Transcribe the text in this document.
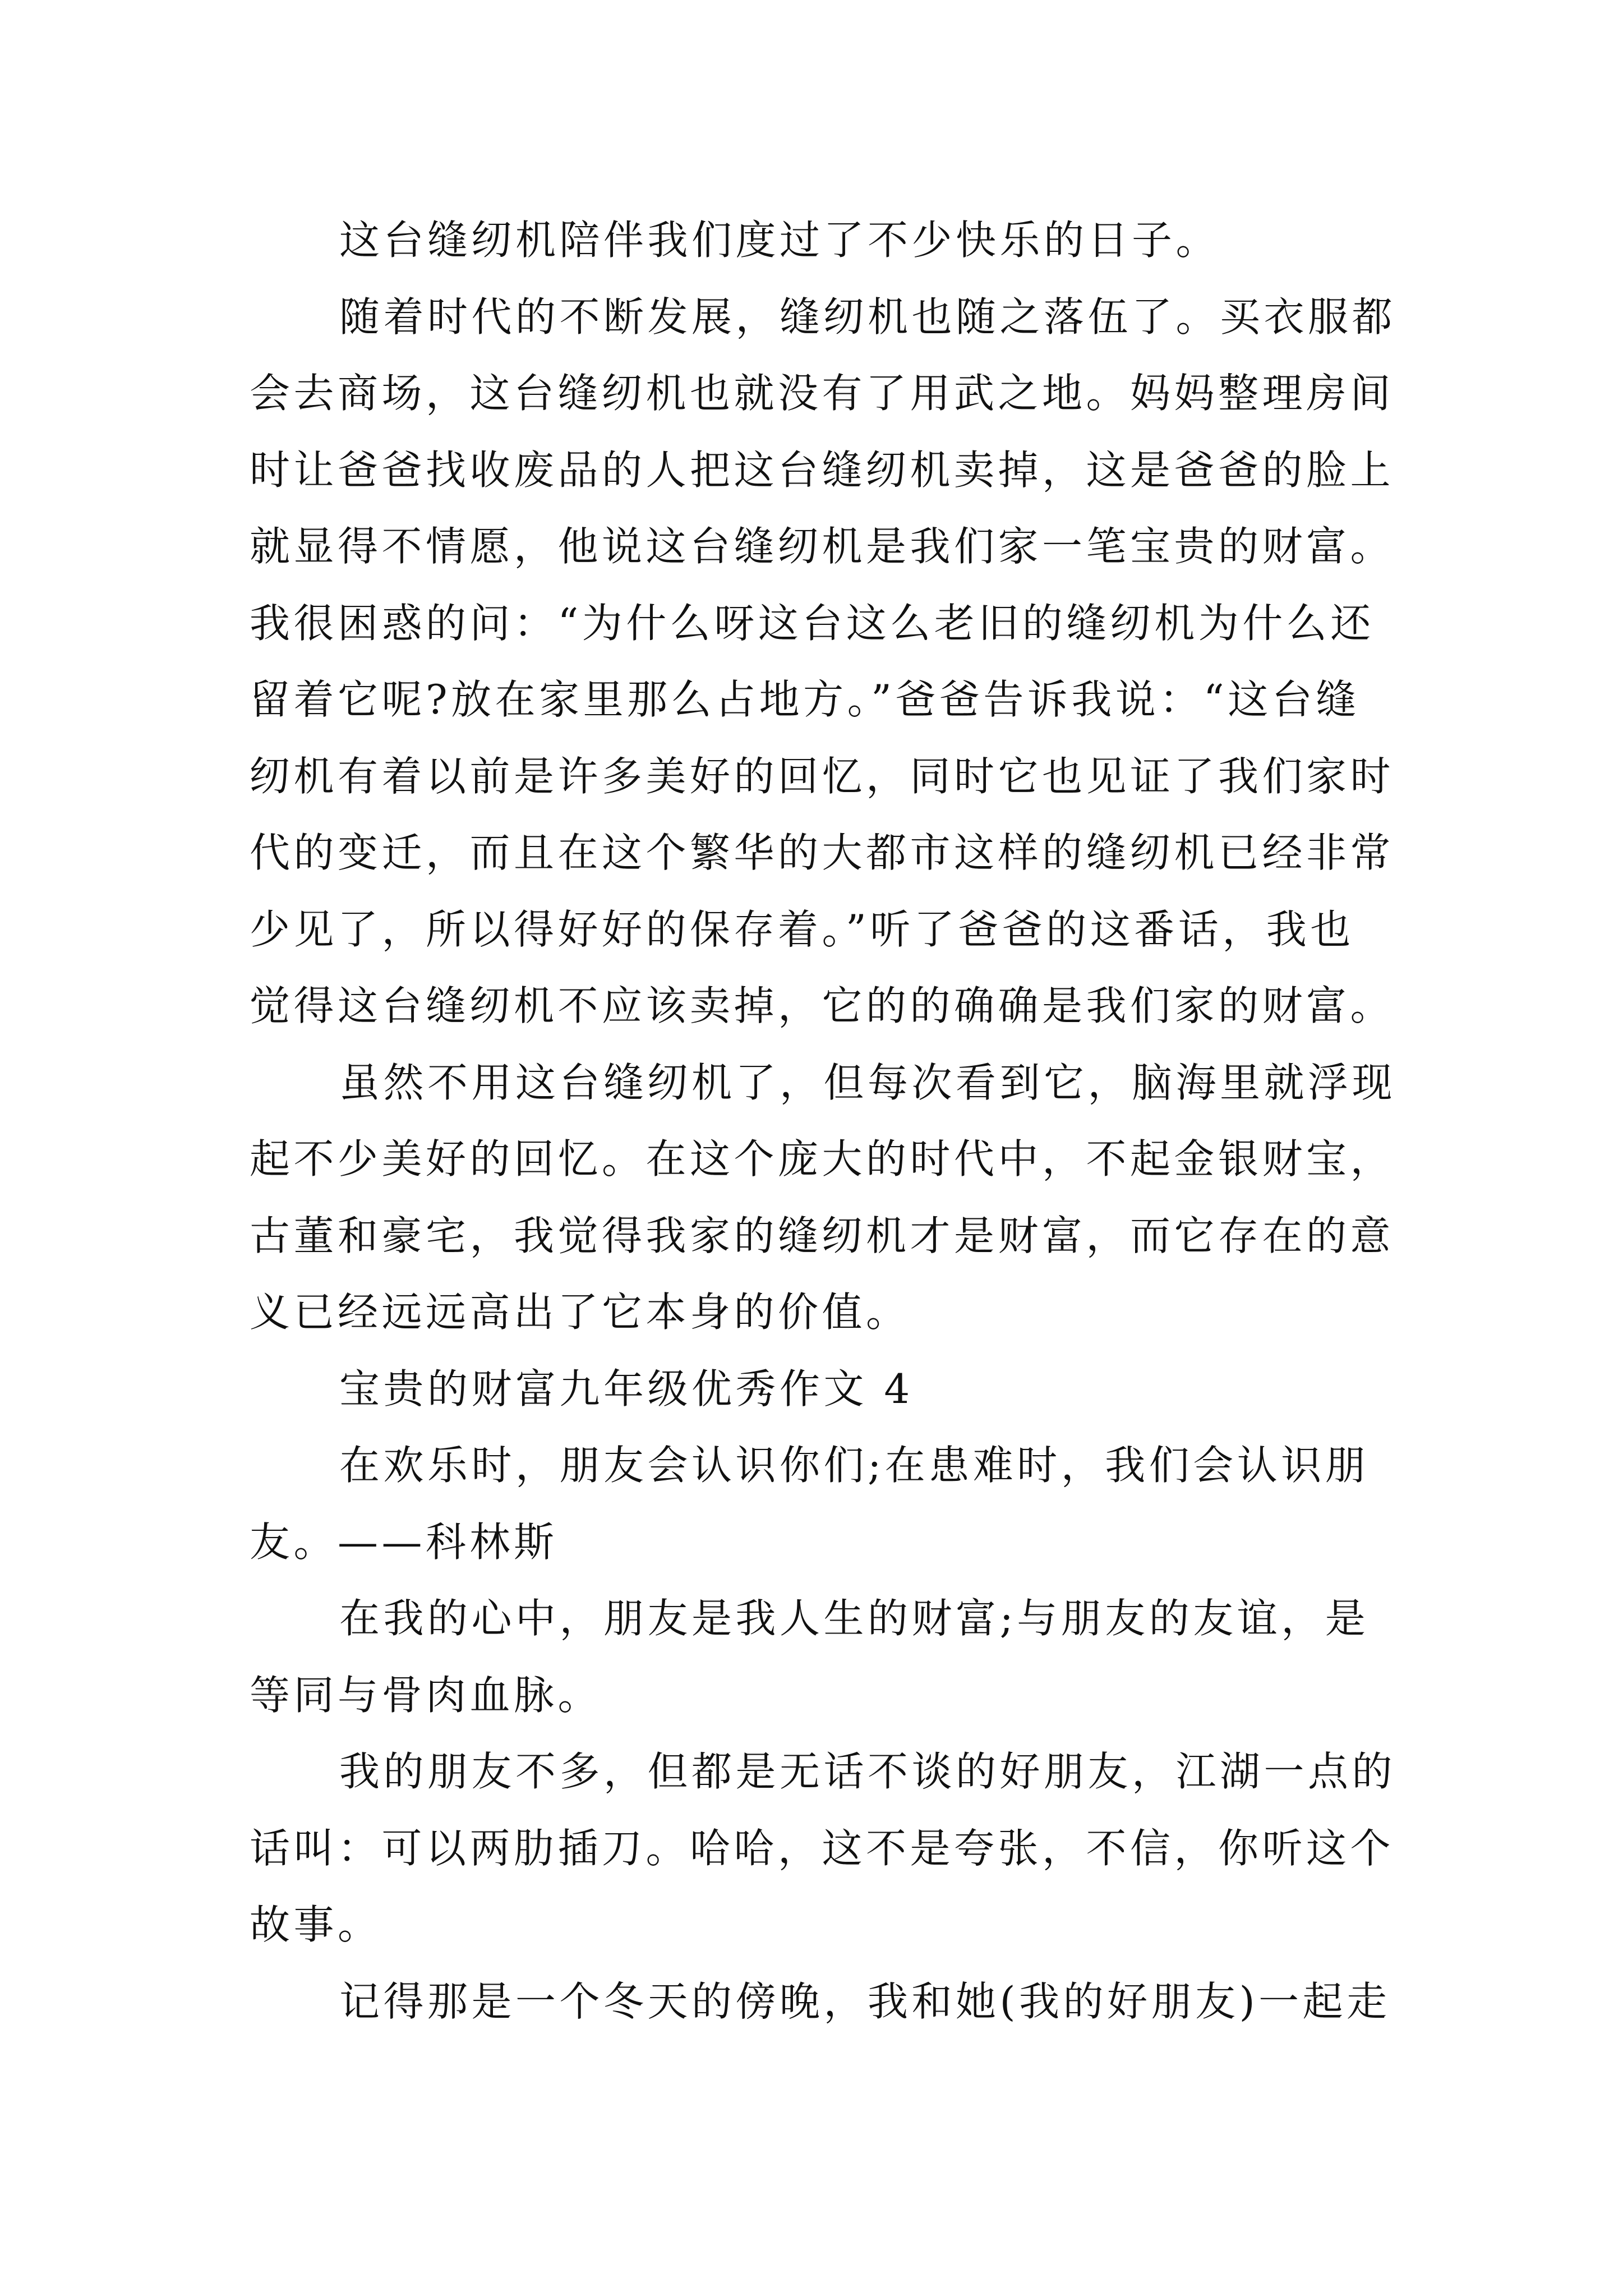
这台缝纫机陪伴我们度过了不少快乐的日子。
随着时代的不断发展，缝纫机也随之落伍了。买衣服都
会去商场，这台缝纫机也就没有了用武之地。妈妈整理房间
时让爸爸找收废品的人把这台缝纫机卖掉，这是爸爸的脸上
就显得不情愿，他说这台缝纫机是我们家一笔宝贵的财富。
我很困惑的问：“为什么呀这台这么老旧的缝纫机为什么还
留着它呢?放在家里那么占地方。”爸爸告诉我说：“这台缝
纫机有着以前是许多美好的回忆，同时它也见证了我们家时
代的变迁，而且在这个繁华的大都市这样的缝纫机已经非常
少见了，所以得好好的保存着。”听了爸爸的这番话，我也
觉得这台缝纫机不应该卖掉，它的的确确是我们家的财富。
虽然不用这台缝纫机了，但每次看到它，脑海里就浮现
起不少美好的回忆。在这个庞大的时代中，不起金银财宝，
古董和豪宅，我觉得我家的缝纫机才是财富，而它存在的意
义已经远远高出了它本身的价值。
宝贵的财富九年级优秀作文 4
在欢乐时，朋友会认识你们;在患难时，我们会认识朋
友。——科林斯
在我的心中，朋友是我人生的财富;与朋友的友谊，是
等同与骨肉血脉。
我的朋友不多，但都是无话不谈的好朋友，江湖一点的
话叫：可以两肋插刀。哈哈，这不是夸张，不信，你听这个
故事。
记得那是一个冬天的傍晚，我和她(我的好朋友)一起走
